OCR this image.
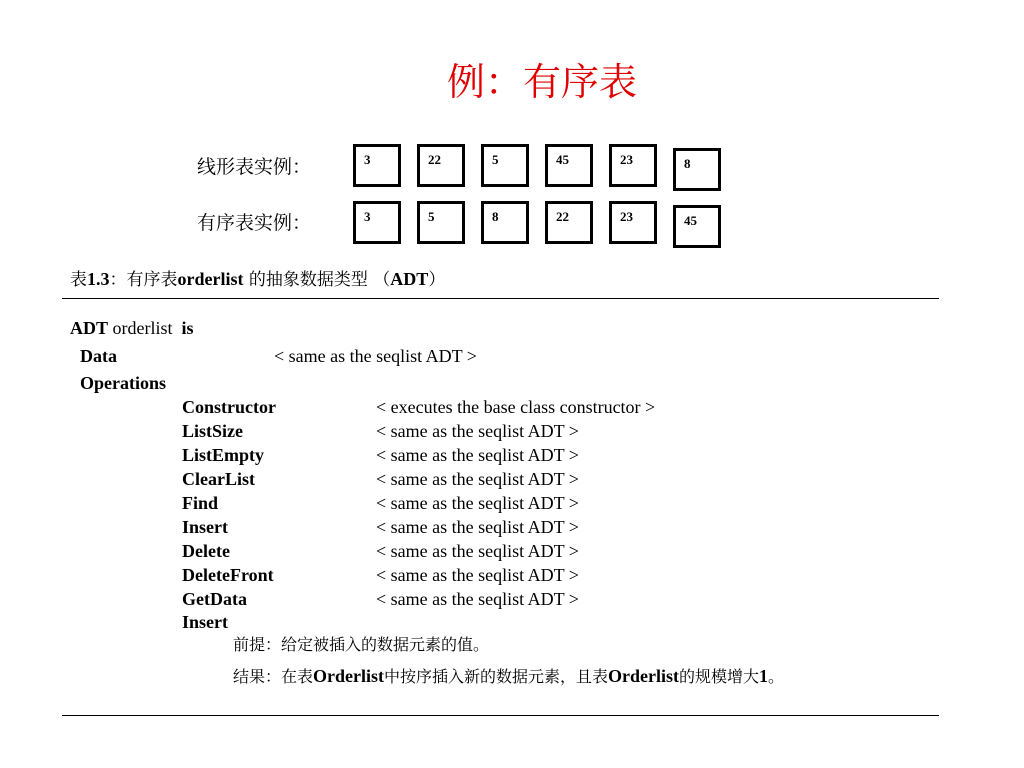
例：有序表
线形表实例：	3	22	5	45	23	8
有序表实例：	3	5	8	22	23	45
表1.3：有序表orderlist 的抽象数据类型 （ADT）
ADT orderlist is
Data	< same as the seqlist ADT >
Operations
Constructor	< executes the base class constructor >
ListSize	< same as the seqlist ADT >
ListEmpty	< same as the seqlist ADT >
ClearList	< same as the seqlist ADT >
Find	< same as the seqlist ADT >
Insert	< same as the seqlist ADT >
Delete	< same as the seqlist ADT >
DeleteFront	< same as the seqlist ADT >
GetData	< same as the seqlist ADT >
Insert
前提：给定被插入的数据元素的值。
结果：在表Orderlist中按序插入新的数据元素，且表Orderlist的规模增大1。
